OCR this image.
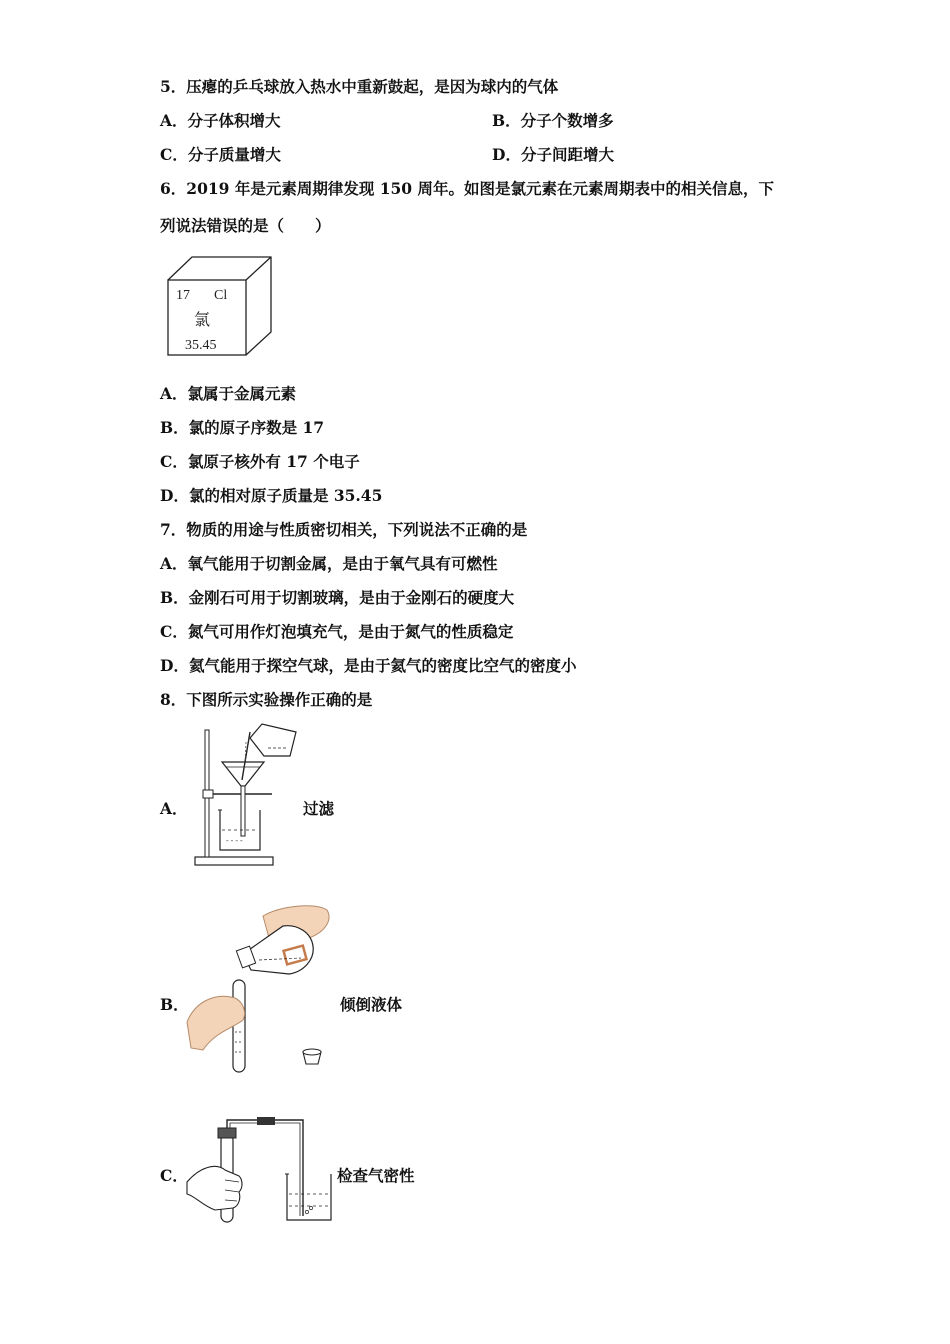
5．压瘪的乒乓球放入热水中重新鼓起，是因为球内的气体
A．分子体积增大	B．分子个数增多
C．分子质量增大	D．分子间距增大
6．2019 年是元素周期律发现 150 周年。如图是氯元素在元素周期表中的相关信息，下
列说法错误的是（　　）
17 Cl
氯
35.45
A．氯属于金属元素
B．氯的原子序数是 17
C．氯原子核外有 17 个电子
D．氯的相对原子质量是 35.45
7．物质的用途与性质密切相关，下列说法不正确的是
A．氧气能用于切割金属，是由于氧气具有可燃性
B．金刚石可用于切割玻璃，是由于金刚石的硬度大
C．氮气可用作灯泡填充气，是由于氮气的性质稳定
D．氦气能用于探空气球，是由于氦气的密度比空气的密度小
8．下图所示实验操作正确的是
A．
- - - -
过滤
B．	倾倒液体
C．	检查气密性
